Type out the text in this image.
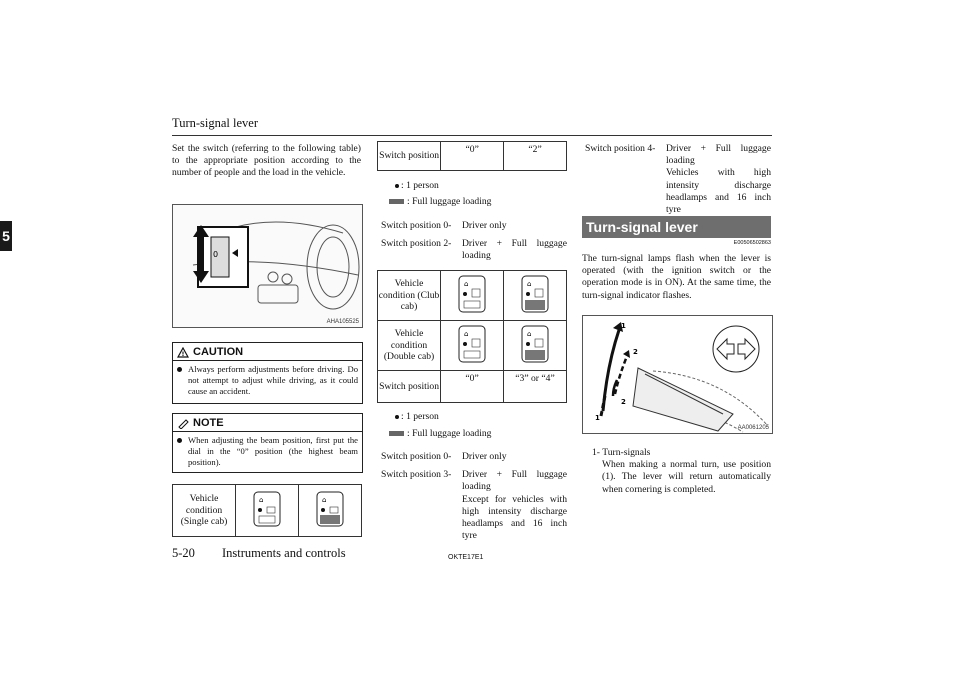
Turn-signal lever
5
Set the switch (referring to the following table) to the appropriate position according to the number of people and the load in the vehicle.
0
AHA105525
! CAUTION
Always perform adjustments before driving. Do not attempt to adjust while driving, as it could cause an accident.
NOTE
When adjusting the beam position, first put the dial in the “0” position (the highest beam position).
Vehicle condition (Single cab)	
⌂	⌂
Switch position	“0”	“2”
: 1 person
: Full luggage loading
Switch position 0-	Driver only
Switch position 2-	Driver + Full luggage loading
Vehicle condition (Club cab)	⌂	⌂

Vehicle condition (Double cab)	⌂	⌂

Switch position	“0”	“3” or “4”
: 1 person
: Full luggage loading
Switch position 0-	Driver only
Switch position 3-	Driver + Full luggage loading
Except for vehicles with high intensity discharge headlamps and 16 inch tyre
Switch position 4-	Driver + Full luggage loading
Vehicles with high intensity discharge headlamps and 16 inch tyre
Turn-signal lever
E00506502863
The turn-signal lamps flash when the lever is operated (with the ignition switch or the operation mode is in ON). At the same time, the turn-signal indicator flashes.
1
2
2
1
AA0061205
1- Turn-signals
When making a normal turn, use position (1). The lever will return automatically when cornering is completed.
5-20 Instruments and controls	OKTE17E1
